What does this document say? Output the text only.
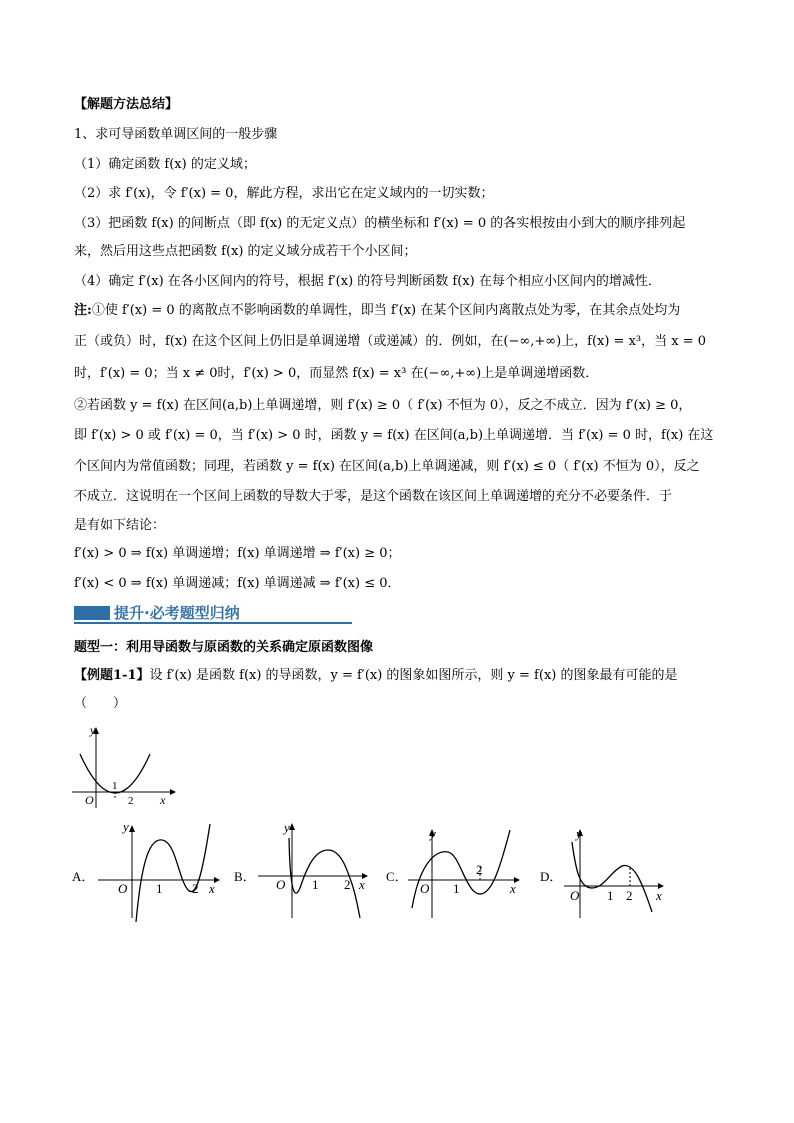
【解题方法总结】
1、求可导函数单调区间的一般步骤
（1）确定函数 f(x) 的定义域；
（2）求 f′(x)，令 f′(x) = 0，解此方程，求出它在定义域内的一切实数；
（3）把函数 f(x) 的间断点（即 f(x) 的无定义点）的横坐标和 f′(x) = 0 的各实根按由小到大的顺序排列起
来，然后用这些点把函数 f(x) 的定义域分成若干个小区间；
（4）确定 f′(x) 在各小区间内的符号，根据 f′(x) 的符号判断函数 f(x) 在每个相应小区间内的增减性．
注:①使 f′(x) = 0 的离散点不影响函数的单调性，即当 f′(x) 在某个区间内离散点处为零，在其余点处均为
正（或负）时，f(x) 在这个区间上仍旧是单调递增（或递减）的．例如，在(−∞,+∞)上，f(x) = x³，当 x = 0
时，f′(x) = 0；当 x ≠ 0时，f′(x) > 0，而显然 f(x) = x³ 在(−∞,+∞)上是单调递增函数．
②若函数 y = f(x) 在区间(a,b)上单调递增，则 f′(x) ≥ 0（ f′(x) 不恒为 0），反之不成立．因为 f′(x) ≥ 0，
即 f′(x) > 0 或 f′(x) = 0，当 f′(x) > 0 时，函数 y = f(x) 在区间(a,b)上单调递增．当 f′(x) = 0 时，f(x) 在这
个区间内为常值函数；同理，若函数 y = f(x) 在区间(a,b)上单调递减，则 f′(x) ≤ 0（ f′(x) 不恒为 0），反之
不成立．这说明在一个区间上函数的导数大于零，是这个函数在该区间上单调递增的充分不必要条件．于
是有如下结论：
f′(x) > 0 ⇒ f(x) 单调递增；f(x) 单调递增 ⇒ f′(x) ≥ 0；
f′(x) < 0 ⇒ f(x) 单调递减；f(x) 单调递减 ⇒ f′(x) ≤ 0．
提升·必考题型归纳
题型一：利用导函数与原函数的关系确定原函数图像
【例题1-1】设 f′(x) 是函数 f(x) 的导函数，y = f′(x) 的图象如图所示，则 y = f(x) 的图象最有可能的是
（　　）
y
O
1
2 x
A．
y
O 1 2 x
B．
y
O 1 2 x
C．
y
O 1
2
x
D．
y
O 1 2 x
